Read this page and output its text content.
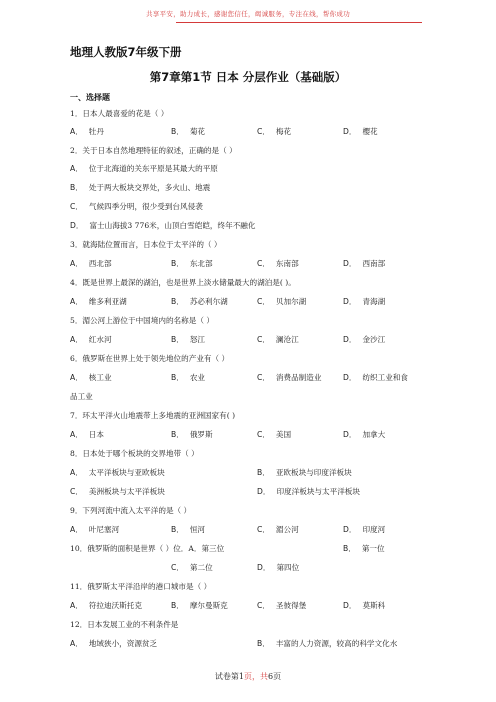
共享平安，助力成长，感谢您信任，竭诚服务，专注在线，帮你成功
地理人教版7年级下册
第7章第1节 日本 分层作业（基础版）
一、选择题
1．日本人最喜爱的花是（ ）
A． 牡丹	B． 菊花	C． 梅花	D． 樱花
2．关于日本自然地理特征的叙述，正确的是（ ）
A． 位于北海道的关东平原是其最大的平原
B． 处于两大板块交界处，多火山、地震
C． 气候四季分明，很少受到台风侵袭
D． 富士山海拔3 776米，山顶白雪皑皑，终年不融化
3．就海陆位置而言，日本位于太平洋的（ ）
A． 西北部	B． 东北部	C． 东南部	D． 西南部
4．既是世界上最深的湖泊，也是世界上淡水储量最大的湖泊是( )。
A． 维多利亚湖	B． 苏必利尔湖	C． 贝加尔湖	D． 青海湖
5．湄公河上游位于中国境内的名称是（ ）
A． 红水河	B． 怒江	C． 澜沧江	D． 金沙江
6．俄罗斯在世界上处于领先地位的产业有（ ）
A． 核工业	B． 农业	C． 消费品制造业	D． 纺织工业和食
品工业
7．环太平洋火山地震带上多地震的亚洲国家有( )
A． 日本	B． 俄罗斯	C． 美国	D． 加拿大
8．日本处于哪个板块的交界地带（ ）
A． 太平洋板块与亚欧板块	B． 亚欧板块与印度洋板块
C． 美洲板块与太平洋板块	D． 印度洋板块与太平洋板块
9．下列河流中流入太平洋的是（ ）
A． 叶尼塞河	B． 恒河	C． 湄公河	D． 印度河
10．俄罗斯的面积是世界（ ）位．A．第三位	B． 第一位
C． 第二位	D． 第四位
11．俄罗斯太平洋沿岸的港口城市是（ ）
A． 符拉迪沃斯托克	B． 摩尔曼斯克	C． 圣彼得堡	D． 莫斯科
12．日本发展工业的不利条件是
A． 地域狭小，资源贫乏	B． 丰富的人力资源，较高的科学文化水
试卷第1页，共6页
